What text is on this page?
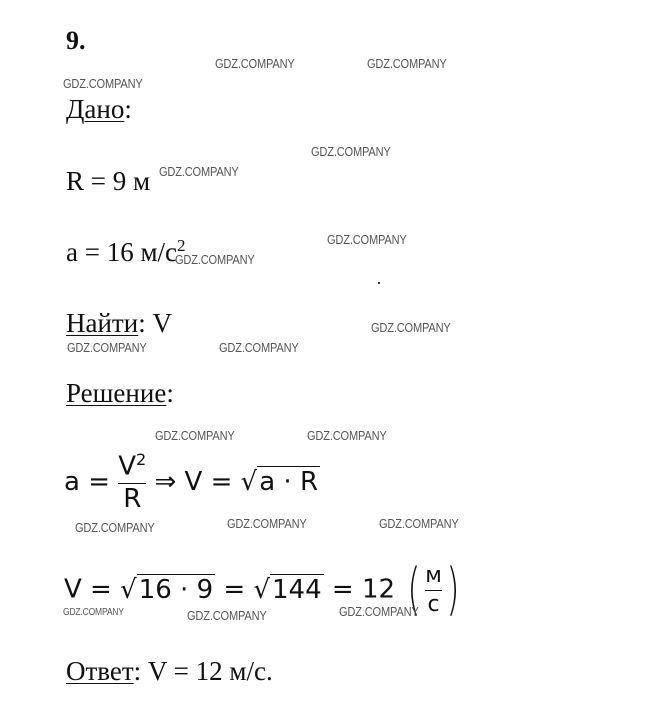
9.
Дано:
R = 9 м
a = 16 $м/с^2$
Найти: V
Решение:
$a = \frac{V^2}{R}$ ⇒ V = √a · R
V = √16 · 9 = √144 = 12 ( $\frac{м}{с}$ )
Ответ: V = 12 м/с.
GDZ.COMPANY	GDZ.COMPANY
GDZ.COMPANY
GDZ.COMPANY
GDZ.COMPANY
GDZ.COMPANY
GDZ.COMPANY
GDZ.COMPANY
GDZ.COMPANY	GDZ.COMPANY
GDZ.COMPANY	GDZ.COMPANY
GDZ.COMPANY	GDZ.COMPANY	GDZ.COMPANY
GDZ.COMPANY	GDZ.COMPANY	GDZ.COMPANY
